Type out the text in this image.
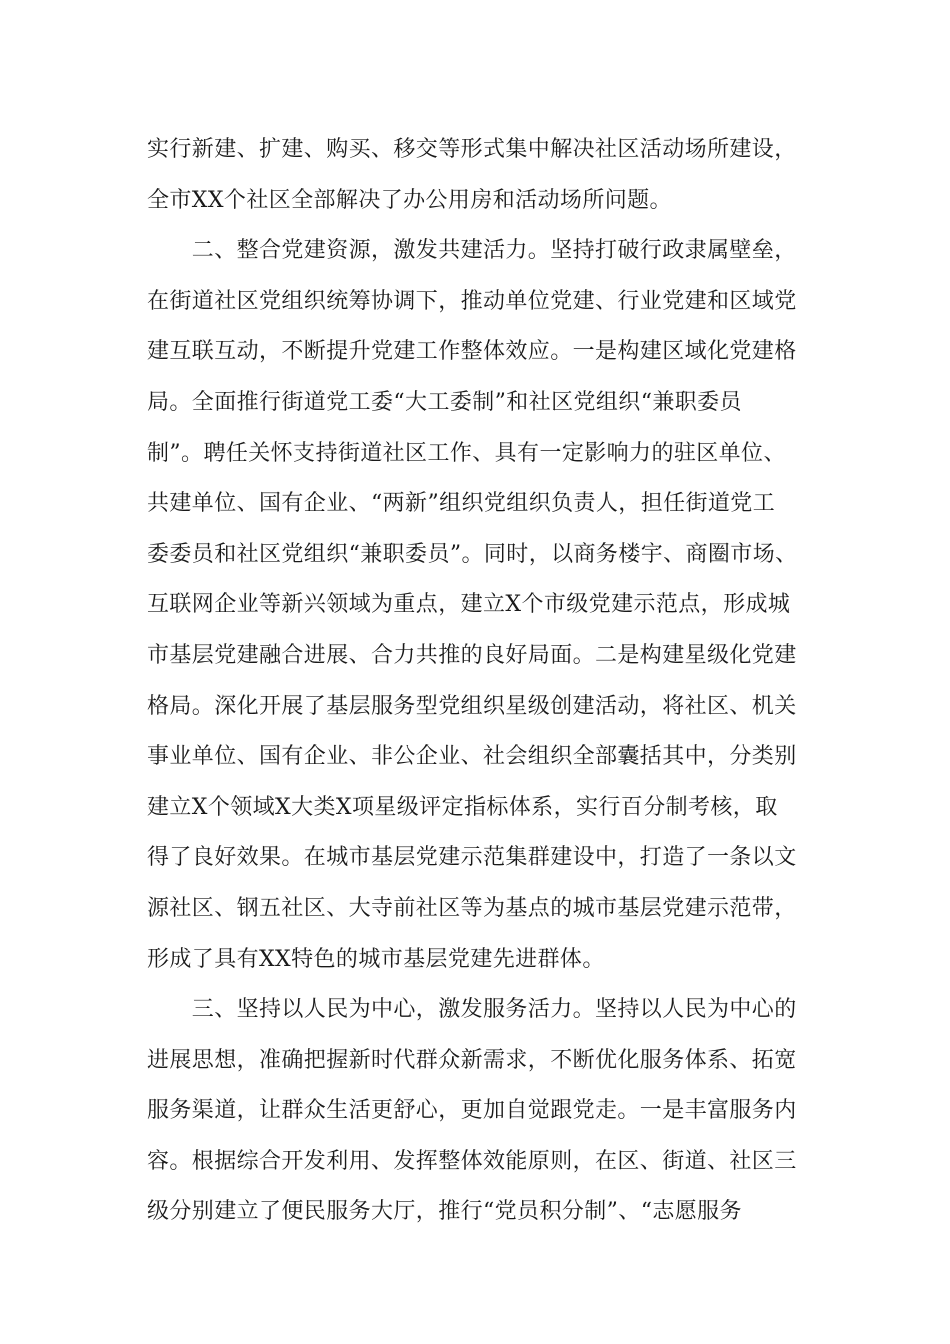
实行新建、扩建、购买、移交等形式集中解决社区活动场所建设，
全市XX个社区全部解决了办公用房和活动场所问题。
　　二、整合党建资源，激发共建活力。坚持打破行政隶属壁垒，
在街道社区党组织统筹协调下，推动单位党建、行业党建和区域党
建互联互动，不断提升党建工作整体效应。一是构建区域化党建格
局。全面推行街道党工委“大工委制”和社区党组织“兼职委员
制”。聘任关怀支持街道社区工作、具有一定影响力的驻区单位、
共建单位、国有企业、“两新”组织党组织负责人，担任街道党工
委委员和社区党组织“兼职委员”。同时，以商务楼宇、商圈市场、
互联网企业等新兴领域为重点，建立X个市级党建示范点，形成城
市基层党建融合进展、合力共推的良好局面。二是构建星级化党建
格局。深化开展了基层服务型党组织星级创建活动，将社区、机关
事业单位、国有企业、非公企业、社会组织全部囊括其中，分类别
建立X个领域X大类X项星级评定指标体系，实行百分制考核，取
得了良好效果。在城市基层党建示范集群建设中，打造了一条以文
源社区、钢五社区、大寺前社区等为基点的城市基层党建示范带，
形成了具有XX特色的城市基层党建先进群体。
　　三、坚持以人民为中心，激发服务活力。坚持以人民为中心的
进展思想，准确把握新时代群众新需求，不断优化服务体系、拓宽
服务渠道，让群众生活更舒心，更加自觉跟党走。一是丰富服务内
容。根据综合开发利用、发挥整体效能原则，在区、街道、社区三
级分别建立了便民服务大厅，推行“党员积分制”、“志愿服务
